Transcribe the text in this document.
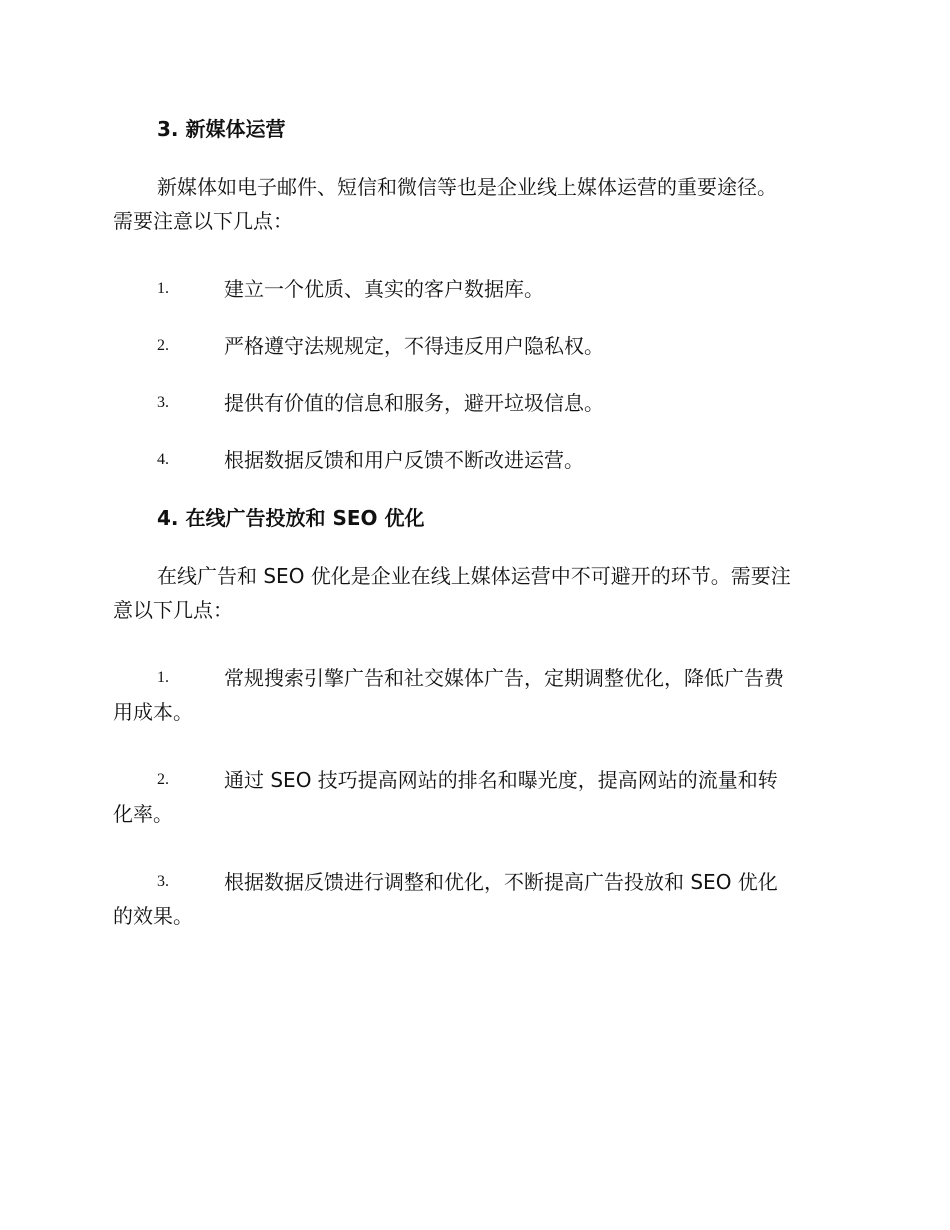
3. 新媒体运营

新媒体如电子邮件、短信和微信等也是企业线上媒体运营的重要途径。
需要注意以下几点：

1.	建立一个优质、真实的客户数据库。
2.	严格遵守法规规定，不得违反用户隐私权。
3.	提供有价值的信息和服务，避开垃圾信息。
4.	根据数据反馈和用户反馈不断改进运营。
4. 在线广告投放和 SEO 优化

在线广告和 SEO 优化是企业在线上媒体运营中不可避开的环节。需要注
意以下几点：

1.	常规搜索引擎广告和社交媒体广告，定期调整优化，降低广告费
用成本。
2.	通过 SEO 技巧提高网站的排名和曝光度，提高网站的流量和转
化率。
3.	根据数据反馈进行调整和优化，不断提高广告投放和 SEO 优化
的效果。
